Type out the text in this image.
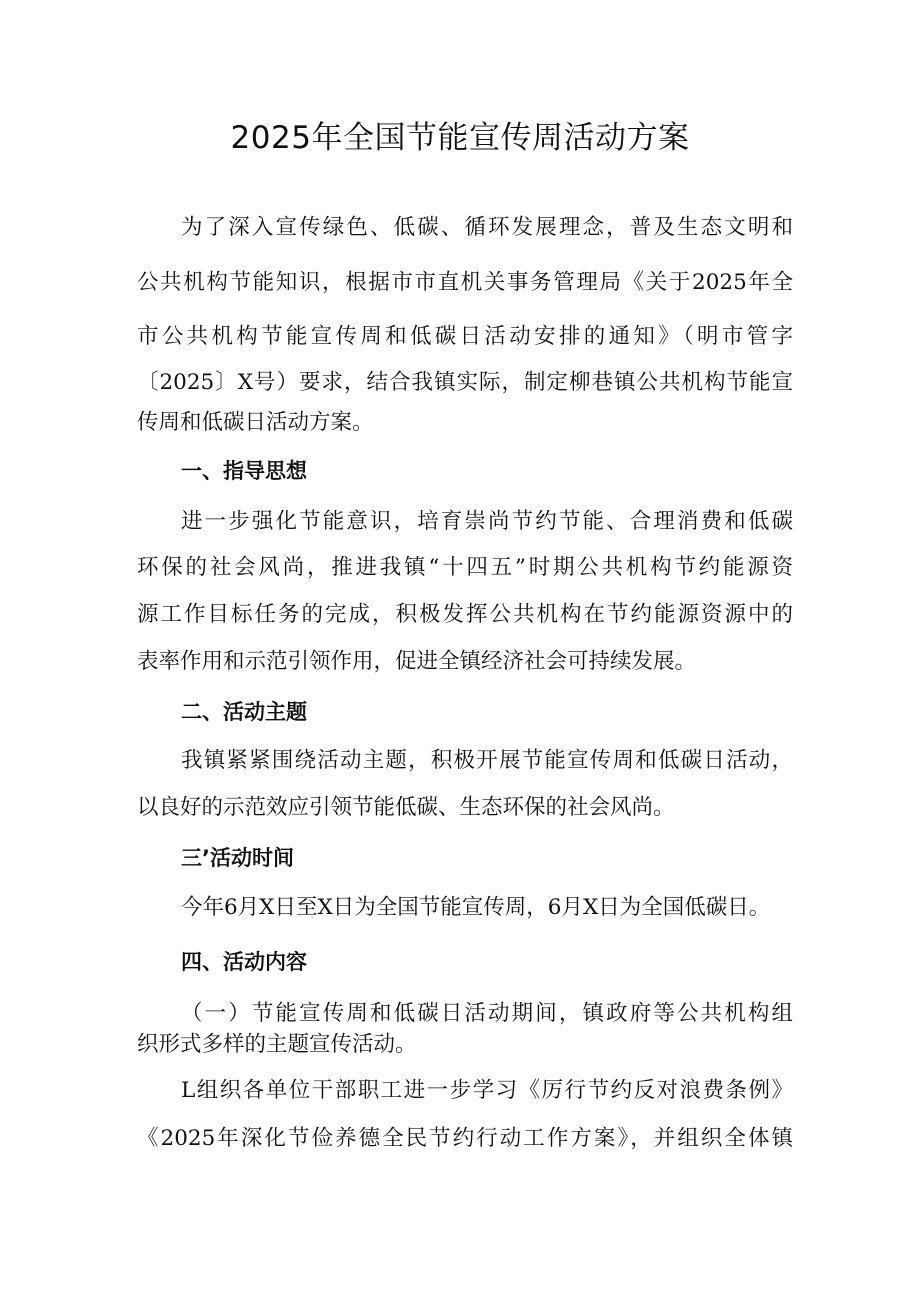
2025年全国节能宣传周活动方案
为了深入宣传绿色、低碳、循环发展理念，普及生态文明和
公共机构节能知识，根据市市直机关事务管理局《关于2025年全
市公共机构节能宣传周和低碳日活动安排的通知》（明市管字
〔2025〕X号）要求，结合我镇实际，制定柳巷镇公共机构节能宣
传周和低碳日活动方案。
一、指导思想
进一步强化节能意识，培育崇尚节约节能、合理消费和低碳
环保的社会风尚，推进我镇“十四五”时期公共机构节约能源资
源工作目标任务的完成，积极发挥公共机构在节约能源资源中的
表率作用和示范引领作用，促进全镇经济社会可持续发展。
二、活动主题
我镇紧紧围绕活动主题，积极开展节能宣传周和低碳日活动，
以良好的示范效应引领节能低碳、生态环保的社会风尚。
三’活动时间
今年6月X日至X日为全国节能宣传周，6月X日为全国低碳日。
四、活动内容
（一）节能宣传周和低碳日活动期间，镇政府等公共机构组
织形式多样的主题宣传活动。
L组织各单位干部职工进一步学习《厉行节约反对浪费条例》
《2025年深化节俭养德全民节约行动工作方案》，并组织全体镇
